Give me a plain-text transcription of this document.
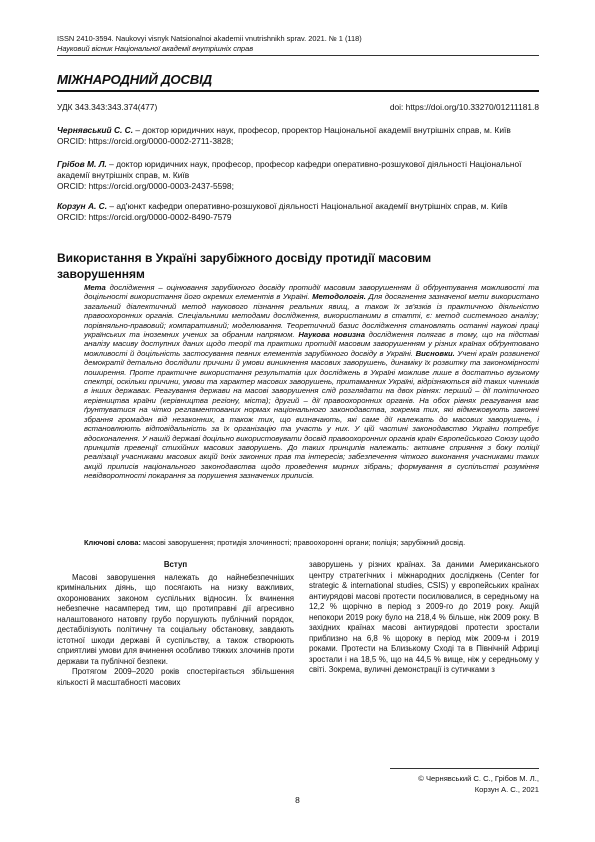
ISSN 2410-3594. Naukovyi visnyk Natsionalnoi akademii vnutrishnikh sprav. 2021. № 1 (118)
Науковий вісник Національної академії внутрішніх справ
МІЖНАРОДНИЙ ДОСВІД
УДК 343.343:343.374(477)	doi: https://doi.org/10.33270/01211181.8
Чернявський С. С. – доктор юридичних наук, професор, проректор Національної академії внутрішніх справ, м. Київ
ORCID: https://orcid.org/0000-0002-2711-3828;
Грібов М. Л. – доктор юридичних наук, професор, професор кафедри оперативно-розшукової діяльності Національної академії внутрішніх справ, м. Київ
ORCID: https://orcid.org/0000-0003-2437-5598;
Корзун А. С. – ад'юнкт кафедри оперативно-розшукової діяльності Національної академії внутрішніх справ, м. Київ
ORCID: https://orcid.org/0000-0002-8490-7579
Використання в Україні зарубіжного досвіду протидії масовим заворушенням
Мета дослідження – оцінювання зарубіжного досвіду протидії масовим заворушенням й обґрунтування можливості та доцільності використання його окремих елементів в Україні. Методологія. Для досягнення зазначеної мети використано загальний діалектичний метод наукового пізнання реальних явищ, а також їх зв'язків із практичною діяльністю правоохоронних органів. Спеціальними методами дослідження, використаними в статті, є: метод системного аналізу; порівняльно-правовий; компаративний; моделювання. Теоретичний базис дослідження становлять останні наукові праці українських та іноземних учених за обраним напрямом. Наукова новизна дослідження полягає в тому, що на підставі аналізу масиву доступних даних щодо теорії та практики протидії масовим заворушенням у різних країнах обґрунтовано можливості й доцільність застосування певних елементів зарубіжного досвіду в Україні. Висновки. Учені країн розвиненої демократії детально дослідили причини й умови виникнення масових заворушень, динаміку їх розвитку та закономірності поширення. Проте практичне використання результатів цих досліджень в Україні можливе лише в достатньо вузькому спектрі, оскільки причини, умови та характер масових заворушень, притаманних Україні, відрізняються від таких чинників в інших державах. Реагування держави на масові заворушення слід розглядати на двох рівнях: перший – дії політичного керівництва країни (керівництва регіону, міста); другий – дії правоохоронних органів. На обох рівнях реагування має ґрунтуватися на чітко регламентованих нормах національного законодавства, зокрема тих, які відмежовують законні збрання громадян від незаконних, а також тих, що визначають, які саме дії належать до масових заворушень, і встановлюють відповідальність за їх організацію та участь у них. У цій частині законодавство України потребує вдосконалення. У нашій державі доцільно використовувати досвід правоохоронних органів країн Європейського Союзу щодо принципів превенції стихійних масових заворушень. До таких принципів належать: активне сприяння з боку поліції реалізації учасниками масових акцій їхніх законних прав та інтересів; забезпечення чіткого виконання учасниками таких акцій приписів національного законодавства щодо проведення мирних зібрань; формування в суспільстві розуміння невідворотності покарання за порушення зазначених приписів.
Ключові слова: масові заворушення; протидія злочинності; правоохоронні органи; поліція; зарубіжний досвід.
Вступ

Масові заворушення належать до найнебезпечніших кримінальних діянь, що посягають на низку важливих, охоронюваних законом суспільних відносин. Їх вчинення небезпечне насамперед тим, що протиправні дії агресивно налаштованого натовпу грубо порушують публічний порядок, дестабілізують політичну та соціальну обстановку, завдають істотної шкоди державі й суспільству, а також створюють сприятливі умови для вчинення особливо тяжких злочинів проти держави та публічної безпеки.

Протягом 2009–2020 років спостерігається збільшення кількості й масштабності масових

заворушень у різних країнах. За даними Американського центру стратегічних і міжнародних досліджень (Center for strategic & international studies, CSIS) у європейських країнах антиурядові масові протести посилювалися, в середньому на 12,2 % щорічно в період з 2009-го до 2019 року. Акцій непокори 2019 року було на 218,4 % більше, ніж 2009 року. В західних країнах масові антиурядові протести зростали приблизно на 6,8 % щороку в період між 2009-м і 2019 роками. Протести на Близькому Сході та в Північній Африці зростали і на 18,5 %, що на 44,5 % вище, ніж у середньому у світі. Зокрема, вуличні демонстрації із сутичками з

© Чернявський С. С., Грібов М. Л.,
Корзун А. С., 2021
8
